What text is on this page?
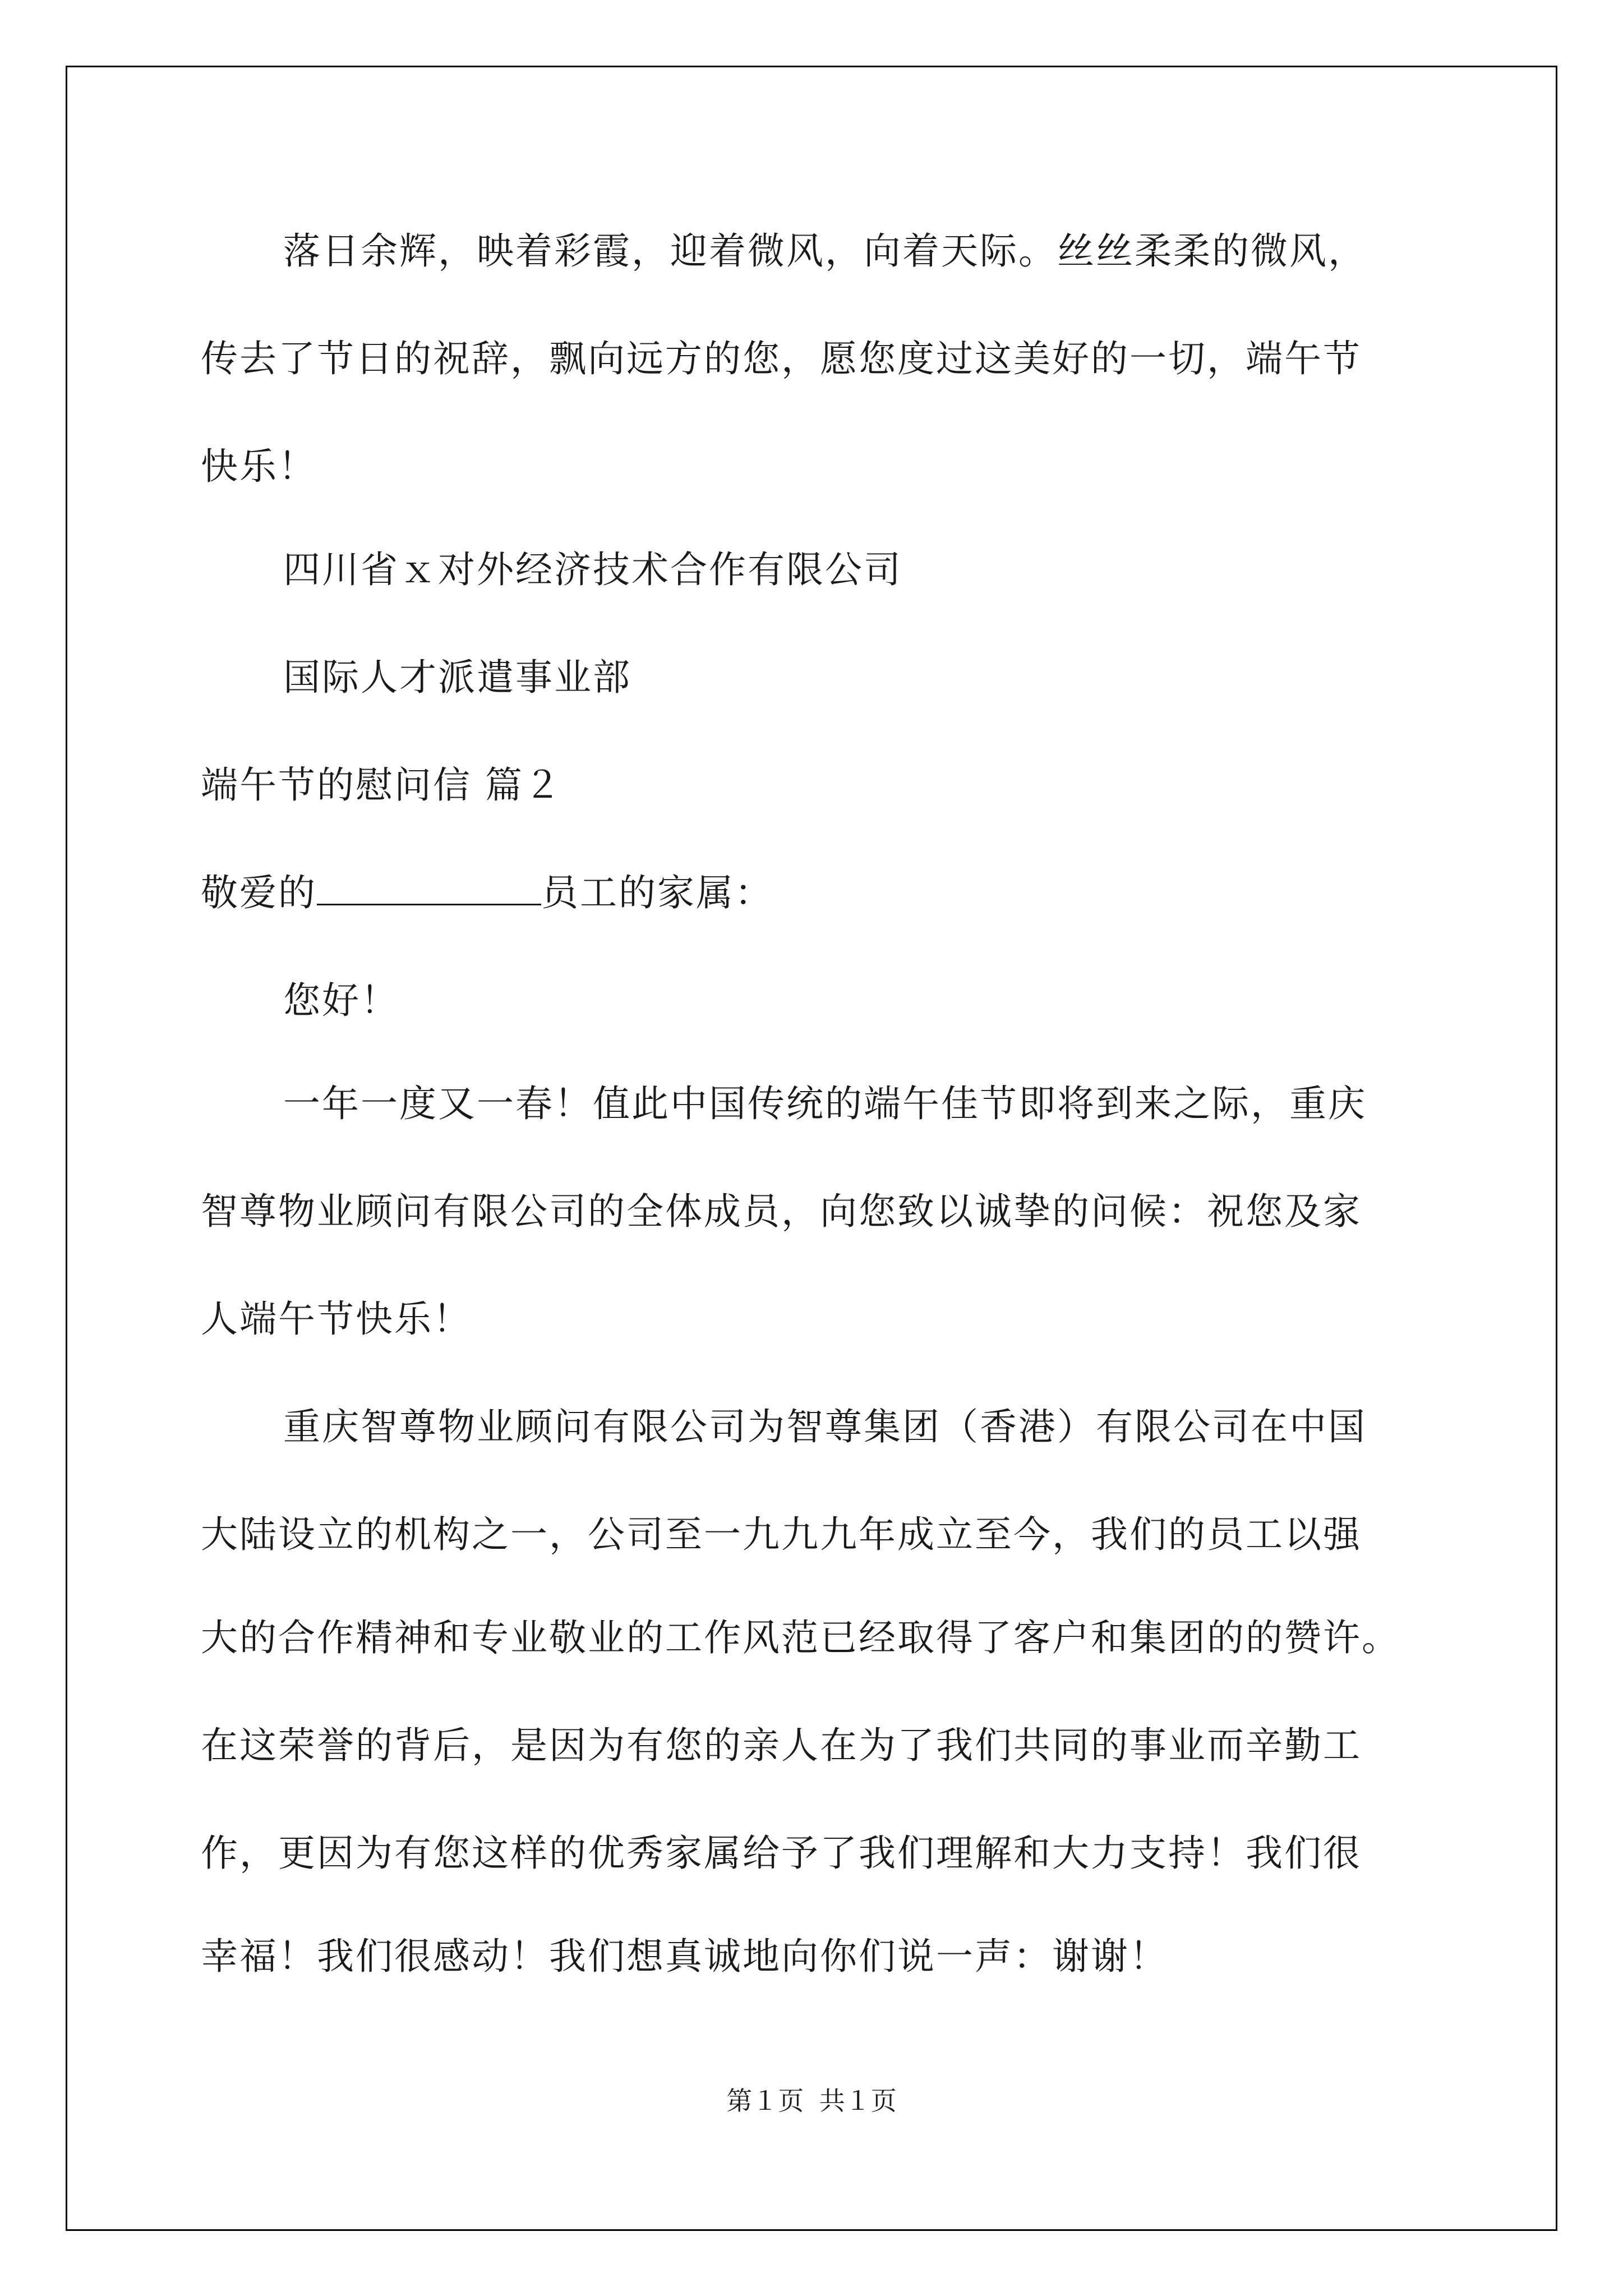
落日余辉，映着彩霞，迎着微风，向着天际。丝丝柔柔的微风，
传去了节日的祝辞，飘向远方的您，愿您度过这美好的一切，端午节
快乐！
四川省ｘ对外经济技术合作有限公司
国际人才派遣事业部
端午节的慰问信 篇２
敬爱的	员工的家属：
您好！
一年一度又一春！值此中国传统的端午佳节即将到来之际，重庆
智尊物业顾问有限公司的全体成员，向您致以诚挚的问候：祝您及家
人端午节快乐！
重庆智尊物业顾问有限公司为智尊集团（香港）有限公司在中国
大陆设立的机构之一，公司至一九九九年成立至今，我们的员工以强
大的合作精神和专业敬业的工作风范已经取得了客户和集团的的赞许。
在这荣誉的背后，是因为有您的亲人在为了我们共同的事业而辛勤工
作，更因为有您这样的优秀家属给予了我们理解和大力支持！我们很
幸福！我们很感动！我们想真诚地向你们说一声：谢谢！
第１页 共１页
